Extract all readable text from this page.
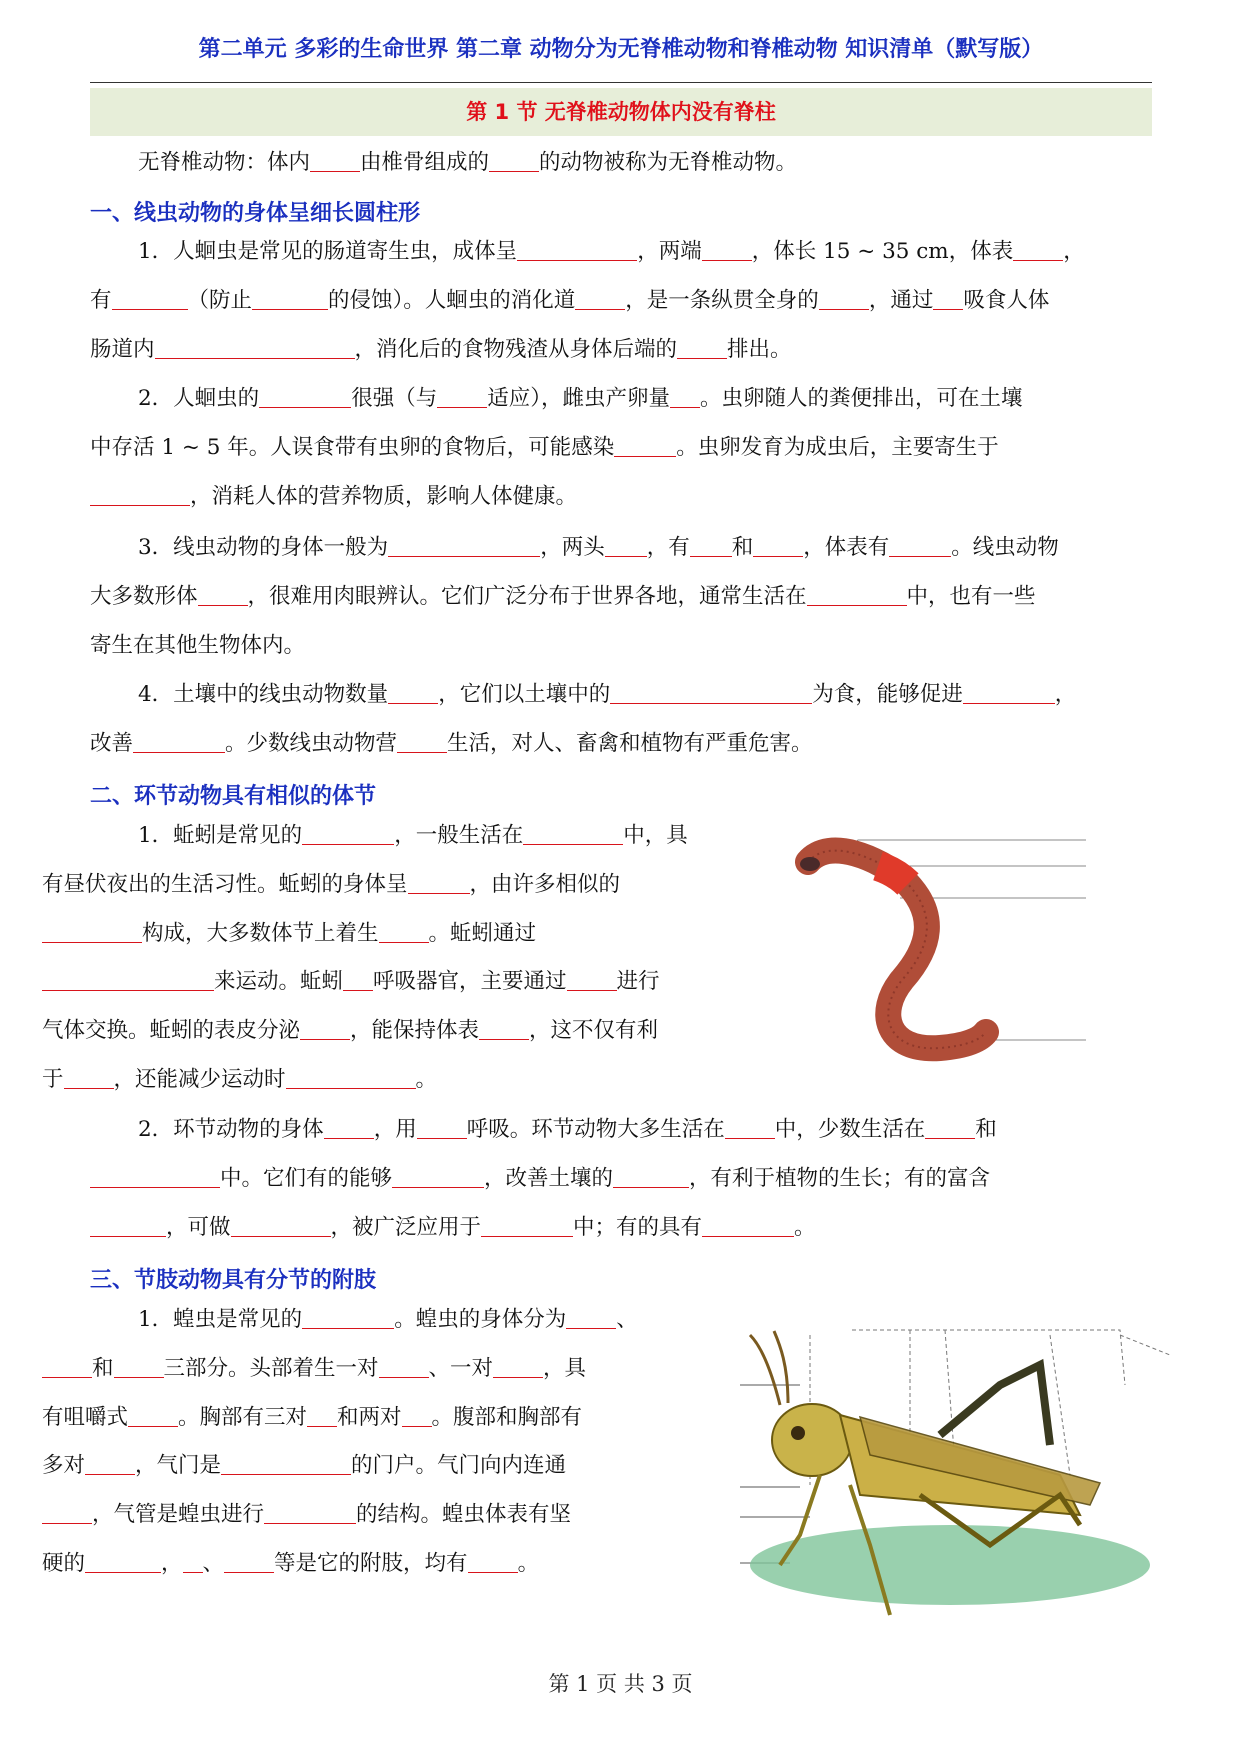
第二单元 多彩的生命世界 第二章 动物分为无脊椎动物和脊椎动物 知识清单（默写版）
第 1 节 无脊椎动物体内没有脊柱

无脊椎动物：体内 由椎骨组成的 的动物被称为无脊椎动物。

一、线虫动物的身体呈细长圆柱形

1．人蛔虫是常见的肠道寄生虫，成体呈	，两端 ，体长 15 ~ 35 cm，体表 ，
有	（防止	的侵蚀）。人蛔虫的消化道 ，是一条纵贯全身的 ，通过 吸食人体
肠道内	，消化后的食物残渣从身体后端的 排出。

2．人蛔虫的	很强（与 适应），雌虫产卵量 。虫卵随人的粪便排出，可在土壤
中存活 1 ~ 5 年。人误食带有虫卵的食物后，可能感染	。虫卵发育为成虫后，主要寄生于
，消耗人体的营养物质，影响人体健康。

3．线虫动物的身体一般为	，两头 ，有 和 ，体表有	。线虫动物
大多数形体 ，很难用肉眼辨认。它们广泛分布于世界各地，通常生活在	中，也有一些
寄生在其他生物体内。

4．土壤中的线虫动物数量 ，它们以土壤中的	为食，能够促进	，
改善	。少数线虫动物营 生活，对人、畜禽和植物有严重危害。

二、环节动物具有相似的体节

1．蚯蚓是常见的	，一般生活在	中，具
有昼伏夜出的生活习性。蚯蚓的身体呈	，由许多相似的
构成，大多数体节上着生 。蚯蚓通过
来运动。蚯蚓 呼吸器官，主要通过 进行
气体交换。蚯蚓的表皮分泌 ，能保持体表 ，这不仅有利
于 ，还能减少运动时	。

2．环节动物的身体 ，用 呼吸。环节动物大多生活在 中，少数生活在 和
中。它们有的能够	，改善土壤的	，有利于植物的生长；有的富含
，可做	，被广泛应用于	中；有的具有	。

三、节肢动物具有分节的附肢

1．蝗虫是常见的	。蝗虫的身体分为 、
和 三部分。头部着生一对 、一对 ，具
有咀嚼式 。胸部有三对 和两对 。腹部和胸部有
多对 ，气门是	的门户。气门向内连通
，气管是蝗虫进行	的结构。蝗虫体表有坚
硬的	， 、 等是它的附肢，均有 。

第 1 页 共 3 页
